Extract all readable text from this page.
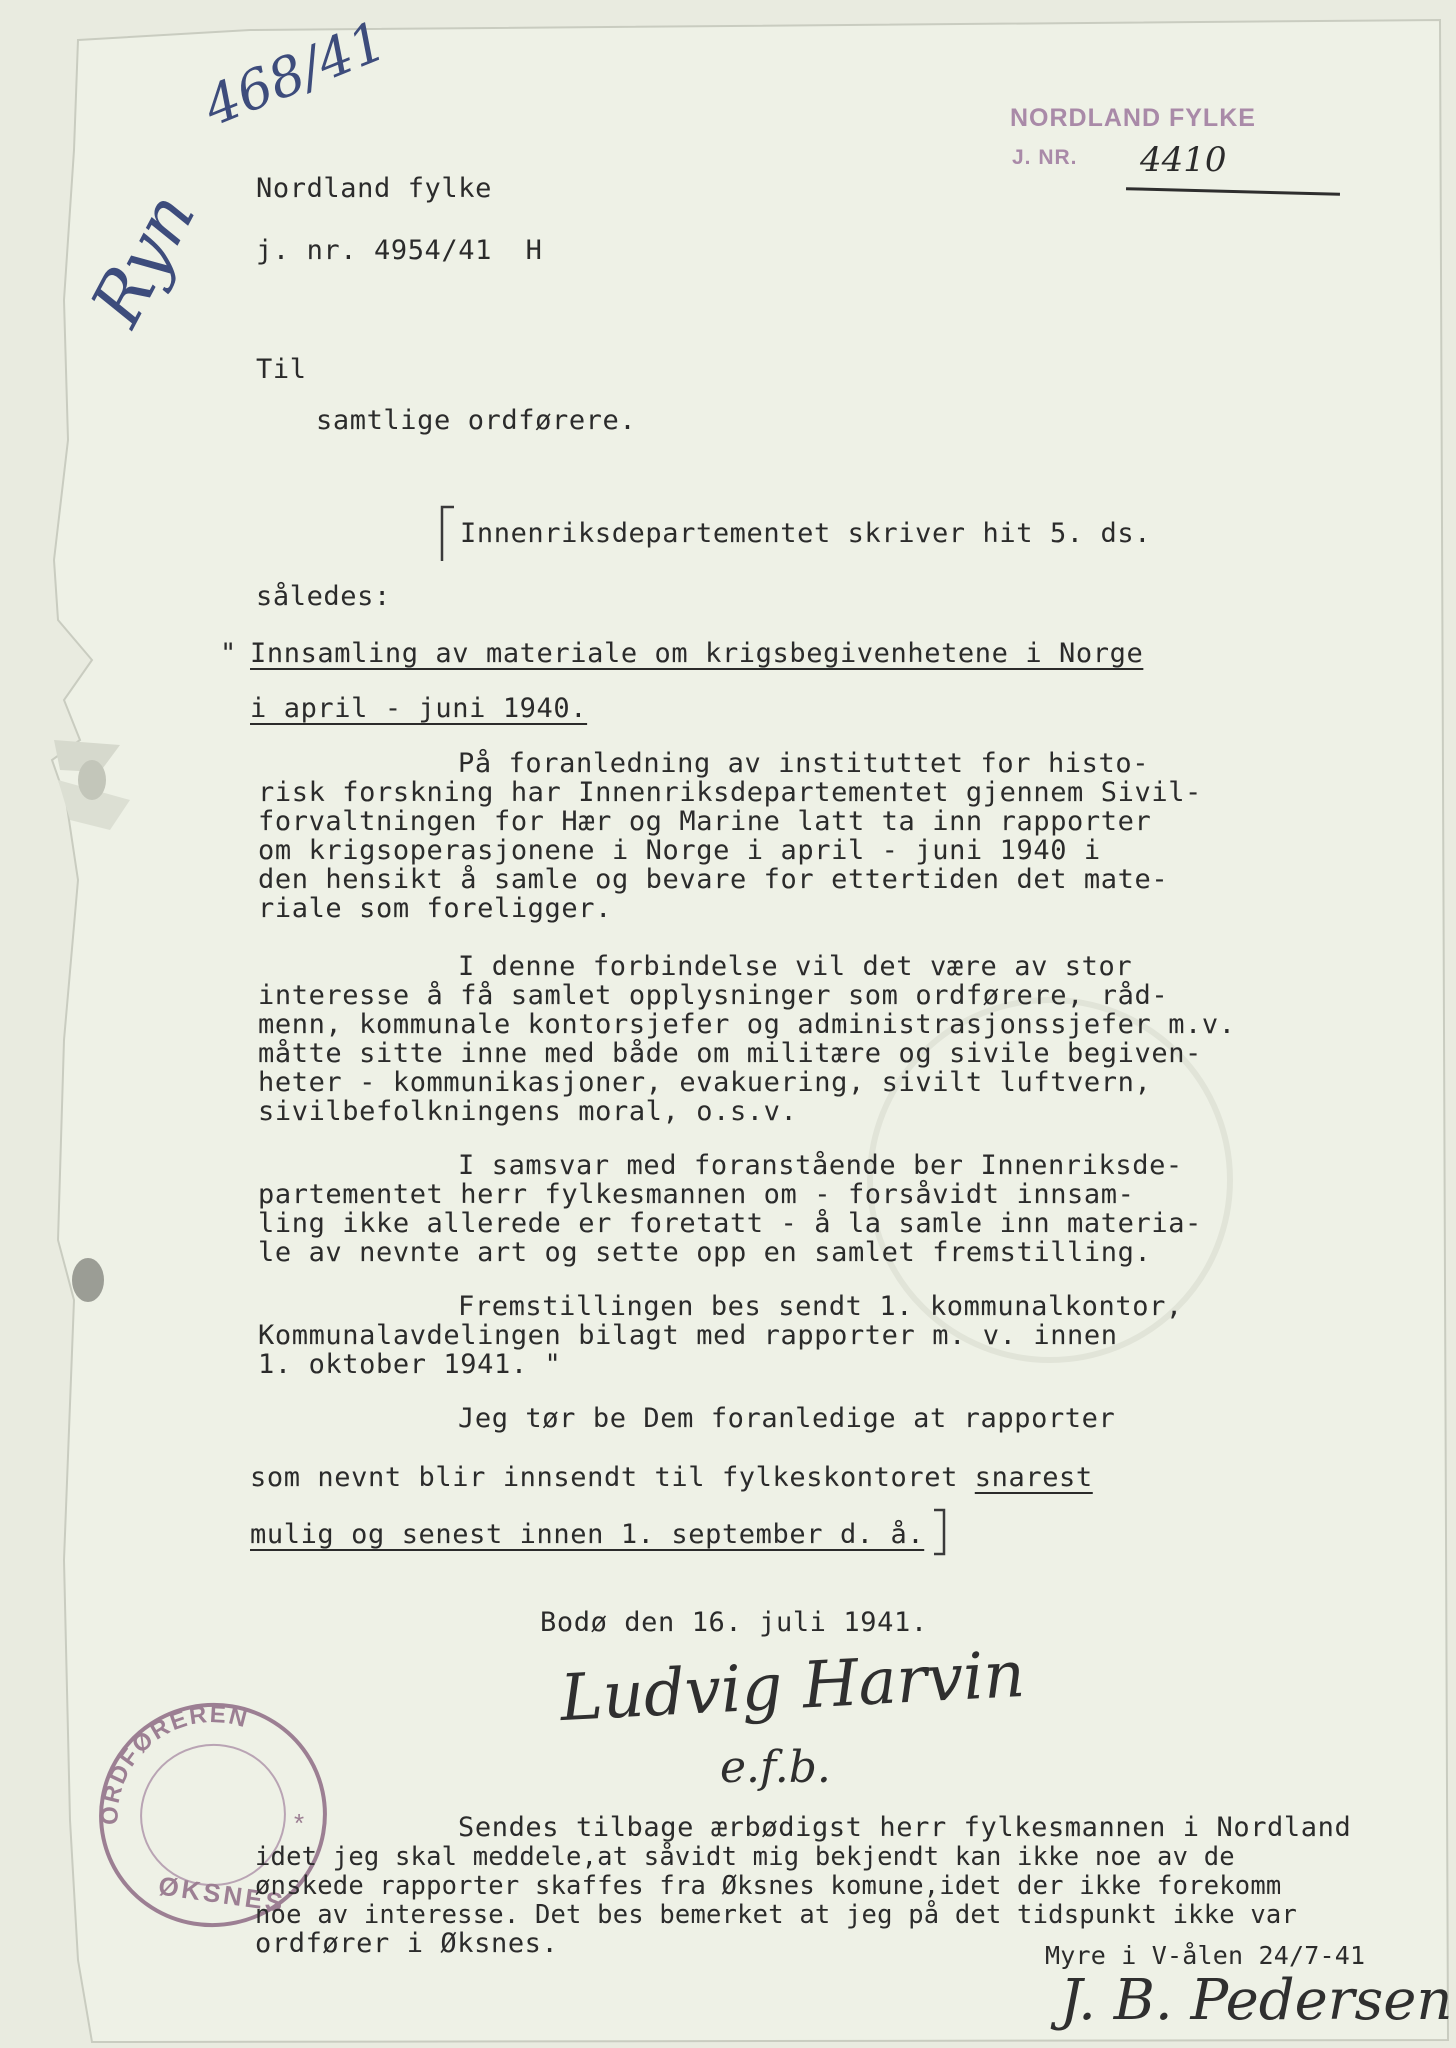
468/41
Ryn
NORDLAND FYLKE
J. NR. 4410
Nordland fylke
j. nr. 4954/41  H
Til
samtlige ordførere.
Innenriksdepartementet skriver hit 5. ds.
således:
" Innsamling av materiale om krigsbegivenhetene i Norge
i april - juni 1940.
På foranledning av instituttet for histo-
risk forskning har Innenriksdepartementet gjennem Sivil-
forvaltningen for Hær og Marine latt ta inn rapporter
om krigsoperasjonene i Norge i april - juni 1940 i
den hensikt å samle og bevare for ettertiden det mate-
riale som foreligger.
I denne forbindelse vil det være av stor
interesse å få samlet opplysninger som ordførere, råd-
menn, kommunale kontorsjefer og administrasjonssjefer m.v.
måtte sitte inne med både om militære og sivile begiven-
heter - kommunikasjoner, evakuering, sivilt luftvern,
sivilbefolkningens moral, o.s.v.
I samsvar med foranstående ber Innenriksde-
partementet herr fylkesmannen om - forsåvidt innsam-
ling ikke allerede er foretatt - å la samle inn materia-
le av nevnte art og sette opp en samlet fremstilling.
Fremstillingen bes sendt 1. kommunalkontor,
Kommunalavdelingen bilagt med rapporter m. v. innen
1. oktober 1941. "
Jeg tør be Dem foranledige at rapporter
som nevnt blir innsendt til fylkeskontoret snarest
mulig og senest innen 1. september d. å.
Bodø den 16. juli 1941.
Ludvig Harvin
e.f.b.
ORDFØREREN
ØKSNES
*	Sendes tilbage ærbødigst herr fylkesmannen i Nordland
idet jeg skal meddele,at såvidt mig bekjendt kan ikke noe av de
ønskede rapporter skaffes fra Øksnes komune,idet der ikke forekomm
noe av interesse. Det bes bemerket at jeg på det tidspunkt ikke var
ordfører i Øksnes.	Myre i V-ålen 24/7-41
J. B. Pedersen
